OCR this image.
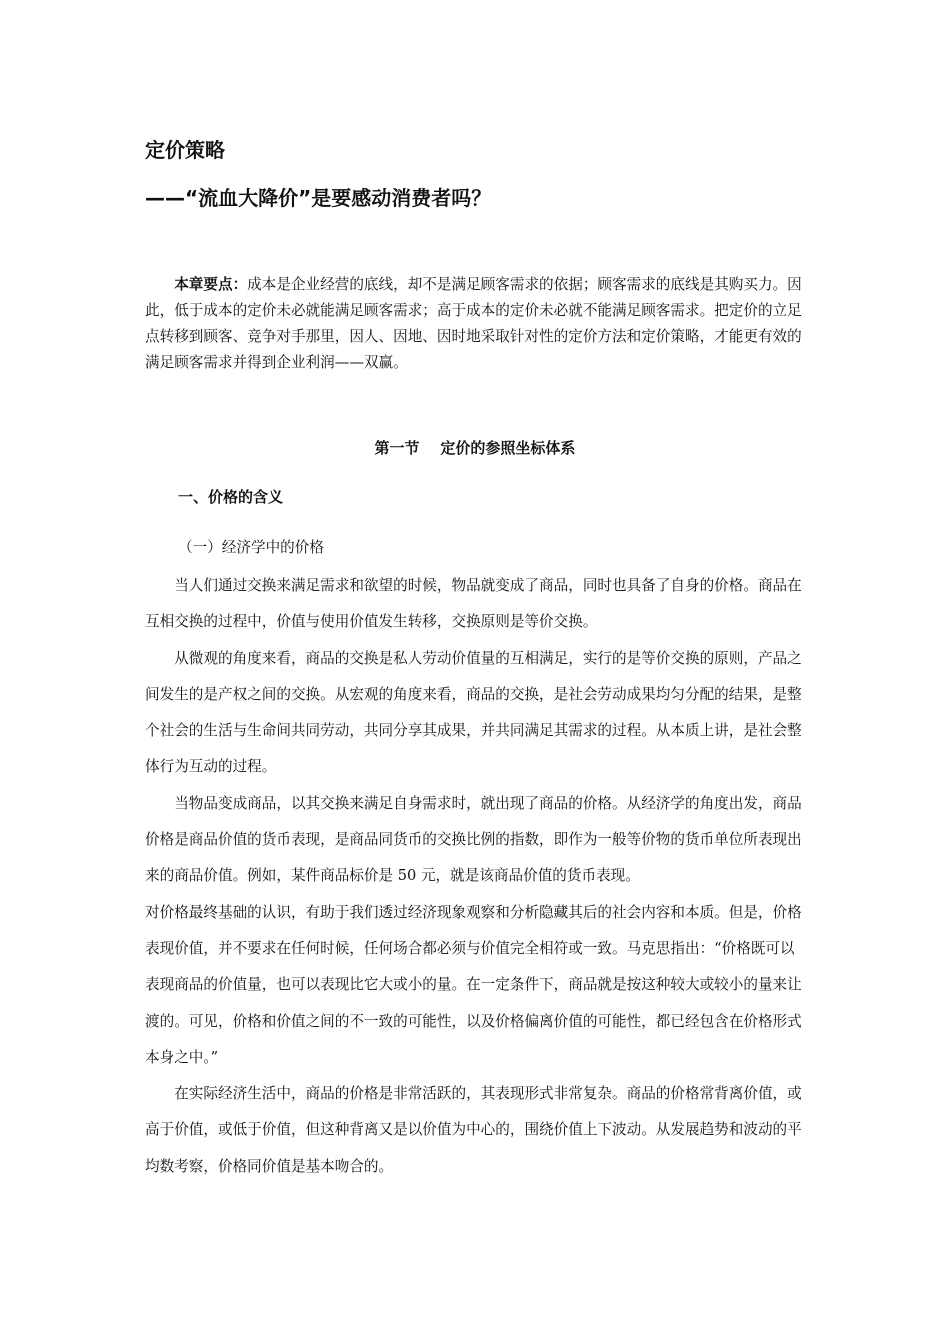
定价策略
——“流血大降价”是要感动消费者吗？

本章要点：成本是企业经营的底线，却不是满足顾客需求的依据；顾客需求的底线是其购买力。因此，低于成本的定价未必就能满足顾客需求；高于成本的定价未必就不能满足顾客需求。把定价的立足点转移到顾客、竞争对手那里，因人、因地、因时地采取针对性的定价方法和定价策略，才能更有效的满足顾客需求并得到企业利润——双赢。

第一节    定价的参照坐标体系
一、价格的含义
（一）经济学中的价格

当人们通过交换来满足需求和欲望的时候，物品就变成了商品，同时也具备了自身的价格。商品在互相交换的过程中，价值与使用价值发生转移，交换原则是等价交换。

从微观的角度来看，商品的交换是私人劳动价值量的互相满足，实行的是等价交换的原则，产品之间发生的是产权之间的交换。从宏观的角度来看，商品的交换，是社会劳动成果均匀分配的结果，是整个社会的生活与生命间共同劳动，共同分享其成果，并共同满足其需求的过程。从本质上讲，是社会整体行为互动的过程。

当物品变成商品，以其交换来满足自身需求时，就出现了商品的价格。从经济学的角度出发，商品价格是商品价值的货币表现，是商品同货币的交换比例的指数，即作为一般等价物的货币单位所表现出来的商品价值。例如，某件商品标价是 50 元，就是该商品价值的货币表现。

对价格最终基础的认识，有助于我们透过经济现象观察和分析隐藏其后的社会内容和本质。但是，价格表现价值，并不要求在任何时候，任何场合都必须与价值完全相符或一致。马克思指出：“价格既可以表现商品的价值量，也可以表现比它大或小的量。在一定条件下，商品就是按这种较大或较小的量来让渡的。可见，价格和价值之间的不一致的可能性，以及价格偏离价值的可能性，都已经包含在价格形式本身之中。”

在实际经济生活中，商品的价格是非常活跃的，其表现形式非常复杂。商品的价格常背离价值，或高于价值，或低于价值，但这种背离又是以价值为中心的，围绕价值上下波动。从发展趋势和波动的平均数考察，价格同价值是基本吻合的。
